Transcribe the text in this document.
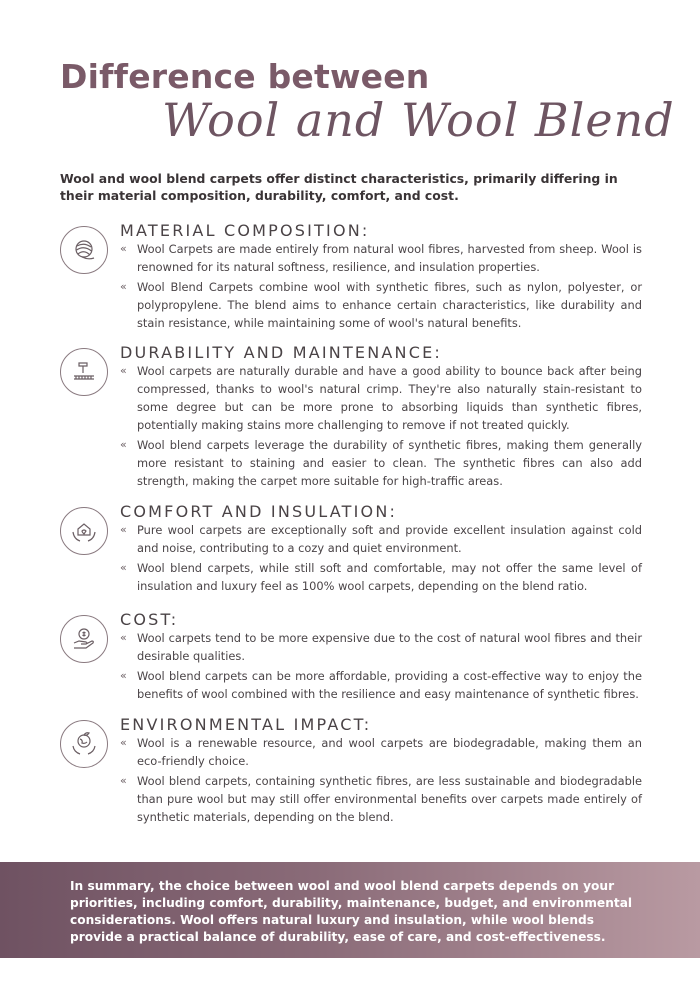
Difference between
Wool and Wool Blend

Wool and wool blend carpets offer distinct characteristics, primarily differing in their material composition, durability, comfort, and cost.

MATERIAL COMPOSITION:
« Wool Carpets are made entirely from natural wool fibres, harvested from sheep. Wool is renowned for its natural softness, resilience, and insulation properties.
« Wool Blend Carpets combine wool with synthetic fibres, such as nylon, polyester, or polypropylene. The blend aims to enhance certain characteristics, like durability and stain resistance, while maintaining some of wool's natural benefits.
DURABILITY AND MAINTENANCE:
« Wool carpets are naturally durable and have a good ability to bounce back after being compressed, thanks to wool's natural crimp. They're also naturally stain-resistant to some degree but can be more prone to absorbing liquids than synthetic fibres, potentially making stains more challenging to remove if not treated quickly.
« Wool blend carpets leverage the durability of synthetic fibres, making them generally more resistant to staining and easier to clean. The synthetic fibres can also add strength, making the carpet more suitable for high-traffic areas.
COMFORT AND INSULATION:
« Pure wool carpets are exceptionally soft and provide excellent insulation against cold and noise, contributing to a cozy and quiet environment.
« Wool blend carpets, while still soft and comfortable, may not offer the same level of insulation and luxury feel as 100% wool carpets, depending on the blend ratio.
COST:
« Wool carpets tend to be more expensive due to the cost of natural wool fibres and their desirable qualities.
« Wool blend carpets can be more affordable, providing a cost-effective way to enjoy the benefits of wool combined with the resilience and easy maintenance of synthetic fibres.
ENVIRONMENTAL IMPACT:
« Wool is a renewable resource, and wool carpets are biodegradable, making them an eco-friendly choice.
« Wool blend carpets, containing synthetic fibres, are less sustainable and biodegradable than pure wool but may still offer environmental benefits over carpets made entirely of synthetic materials, depending on the blend.

In summary, the choice between wool and wool blend carpets depends on your priorities, including comfort, durability, maintenance, budget, and environmental considerations. Wool offers natural luxury and insulation, while wool blends provide a practical balance of durability, ease of care, and cost-effectiveness.
